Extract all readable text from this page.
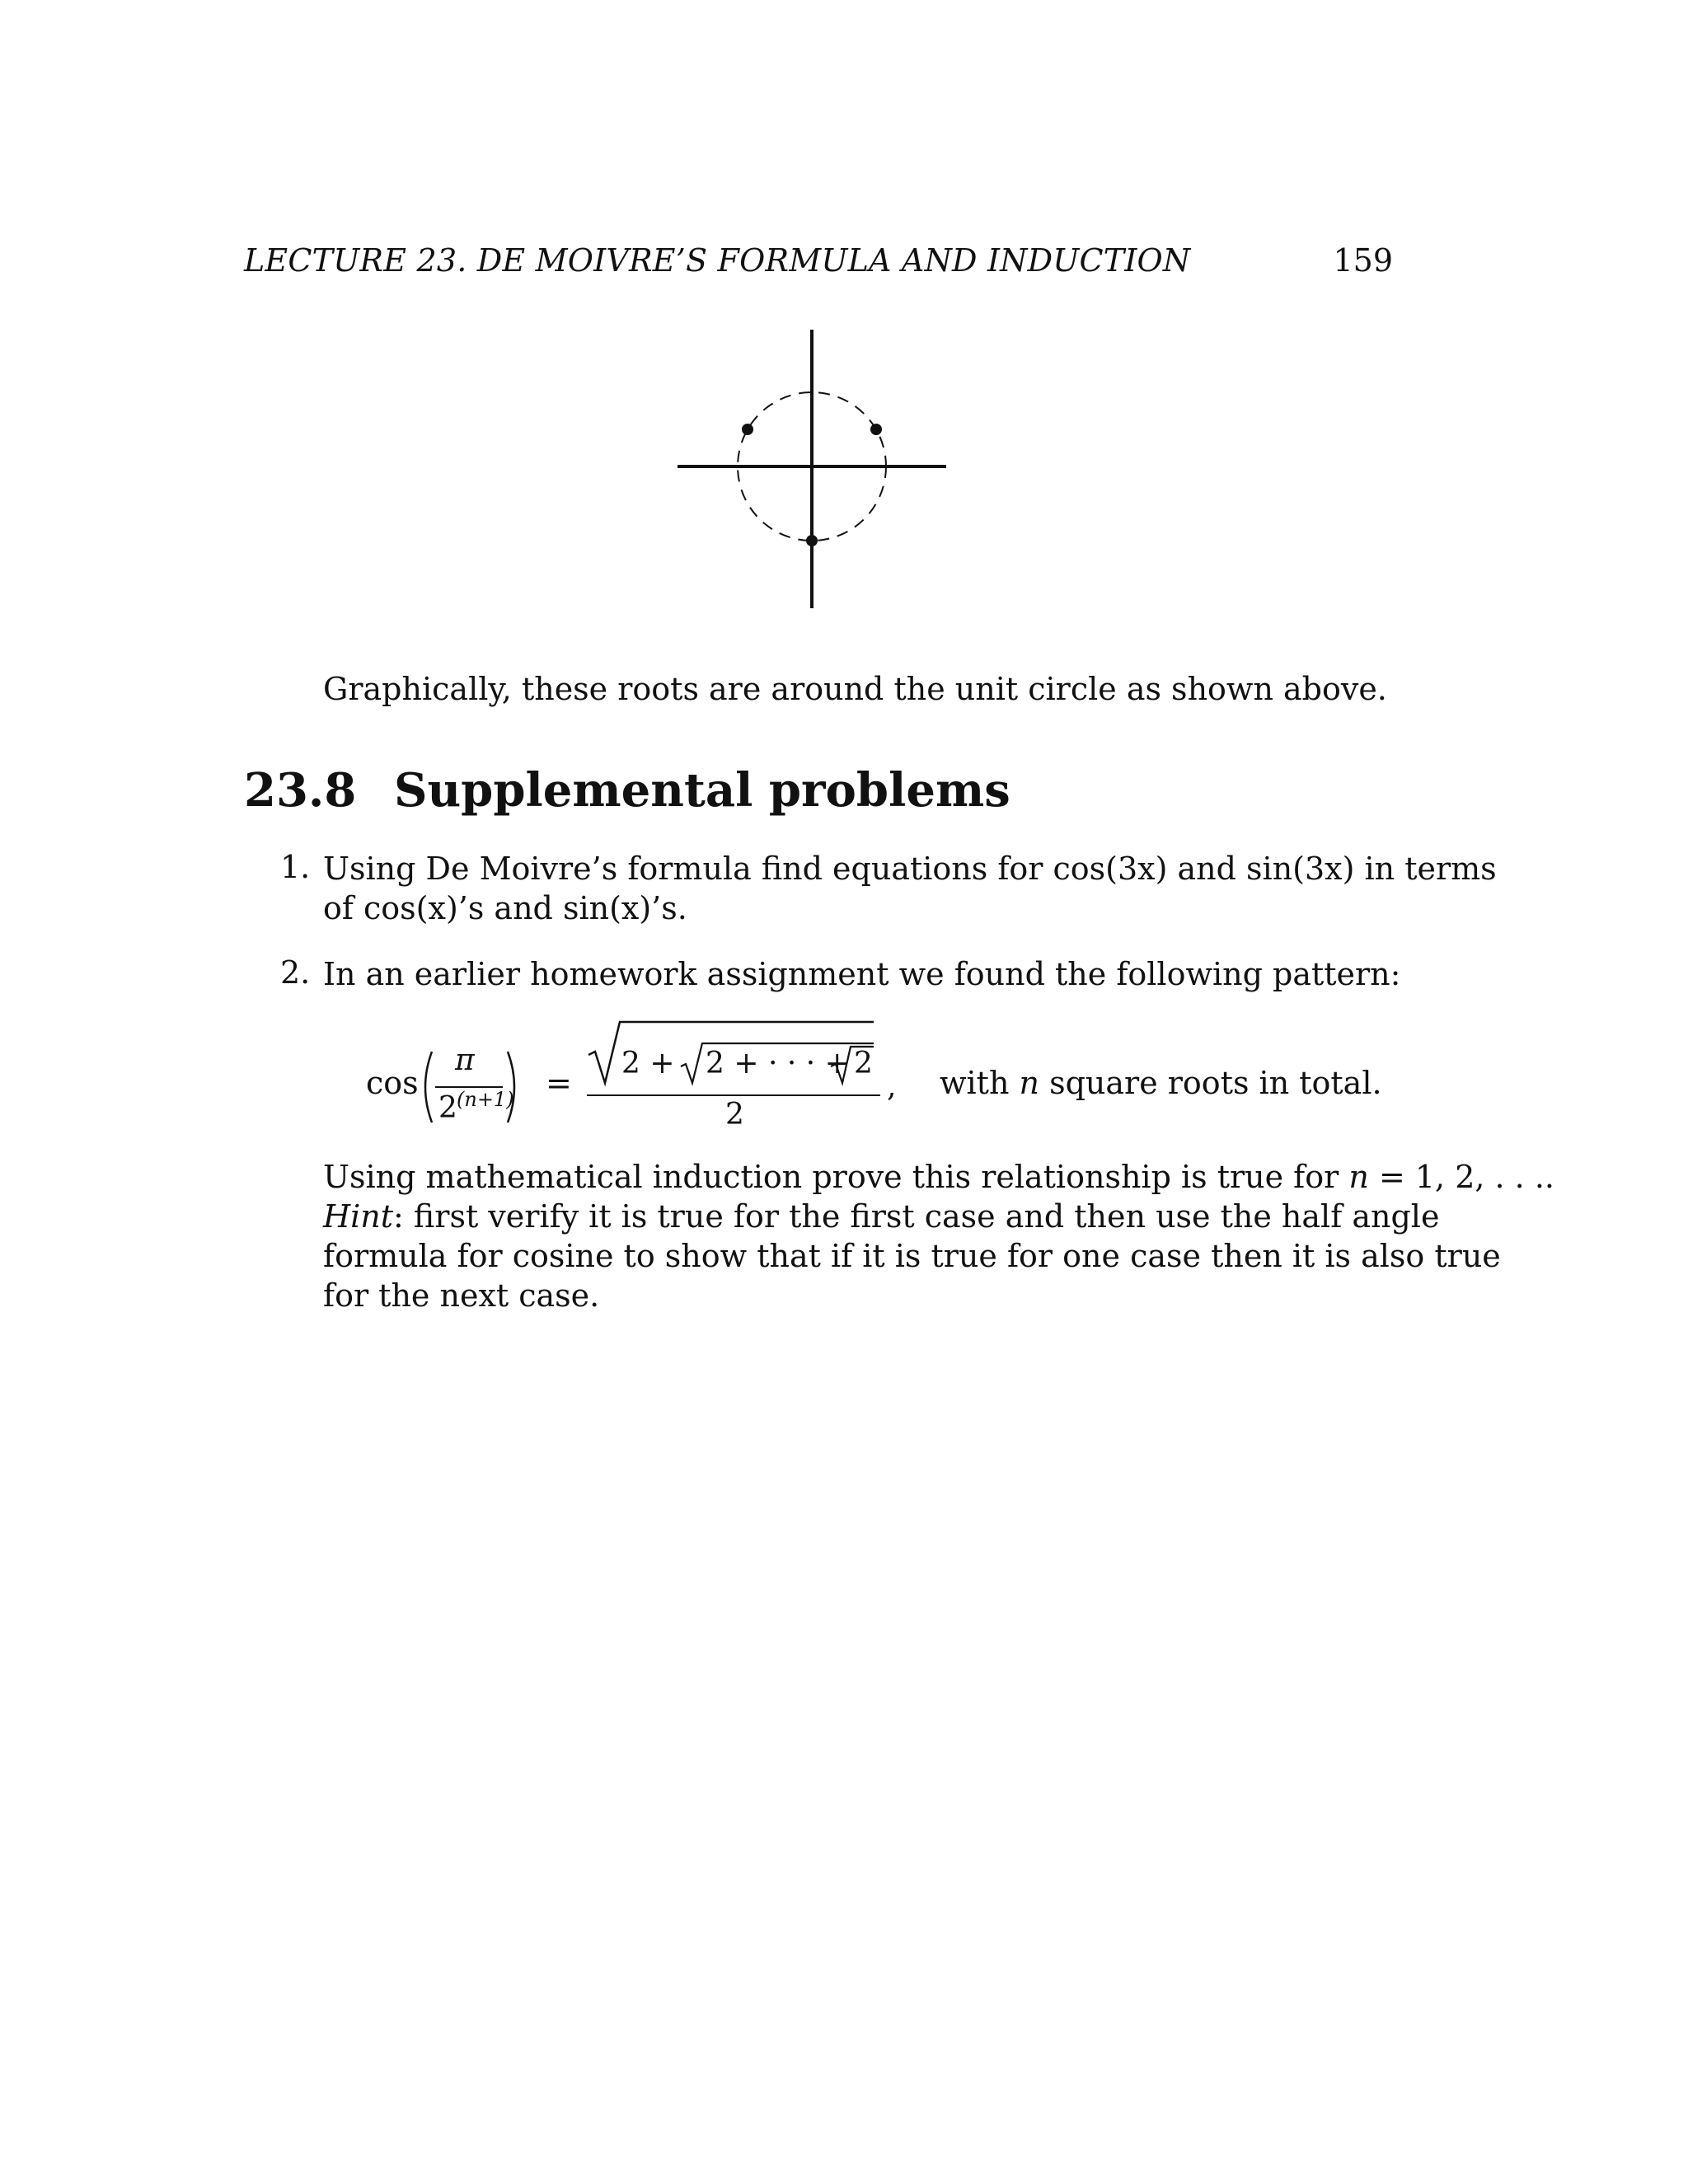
LECTURE 23. DE MOIVRE’S FORMULA AND INDUCTION	159
Graphically, these roots are around the unit circle as shown above.
23.8 Supplemental problems
1. Using De Moivre’s formula find equations for cos(3x) and sin(3x) in terms
of cos(x)’s and sin(x)’s.
2. In an earlier homework assignment we found the following pattern:
cos
π
2 (n+1) =
2 + 2 + · · · +
2
2
, with n square roots in total.
Using mathematical induction prove this relationship is true for n = 1, 2, . . ..
Hint: first verify it is true for the first case and then use the half angle
formula for cosine to show that if it is true for one case then it is also true
for the next case.
